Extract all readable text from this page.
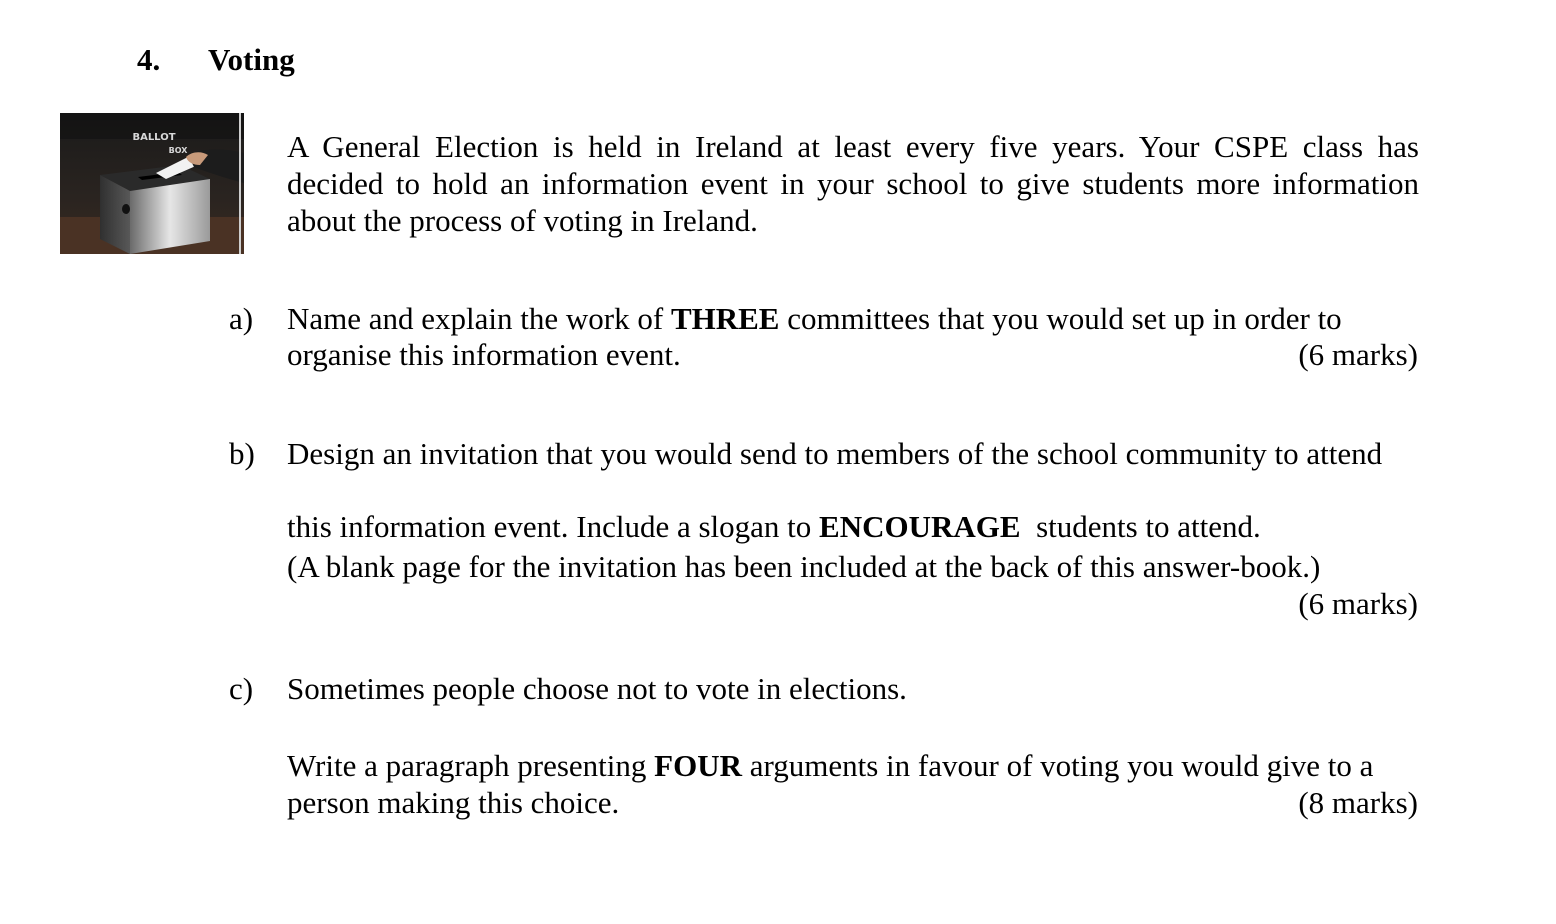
4. Voting
BALLOT
BOX	A General Election is held in Ireland at least every five years. Your CSPE class has
decided to hold an information event in your school to give students more information
about the process of voting in Ireland.
a) Name and explain the work of THREE committees that you would set up in order to
organise this information event.	(6 marks)
b) Design an invitation that you would send to members of the school community to attend

this information event. Include a slogan to ENCOURAGE  students to attend.
(A blank page for the invitation has been included at the back of this answer-book.)
(6 marks)
c) Sometimes people choose not to vote in elections.
Write a paragraph presenting FOUR arguments in favour of voting you would give to a
person making this choice.	(8 marks)
